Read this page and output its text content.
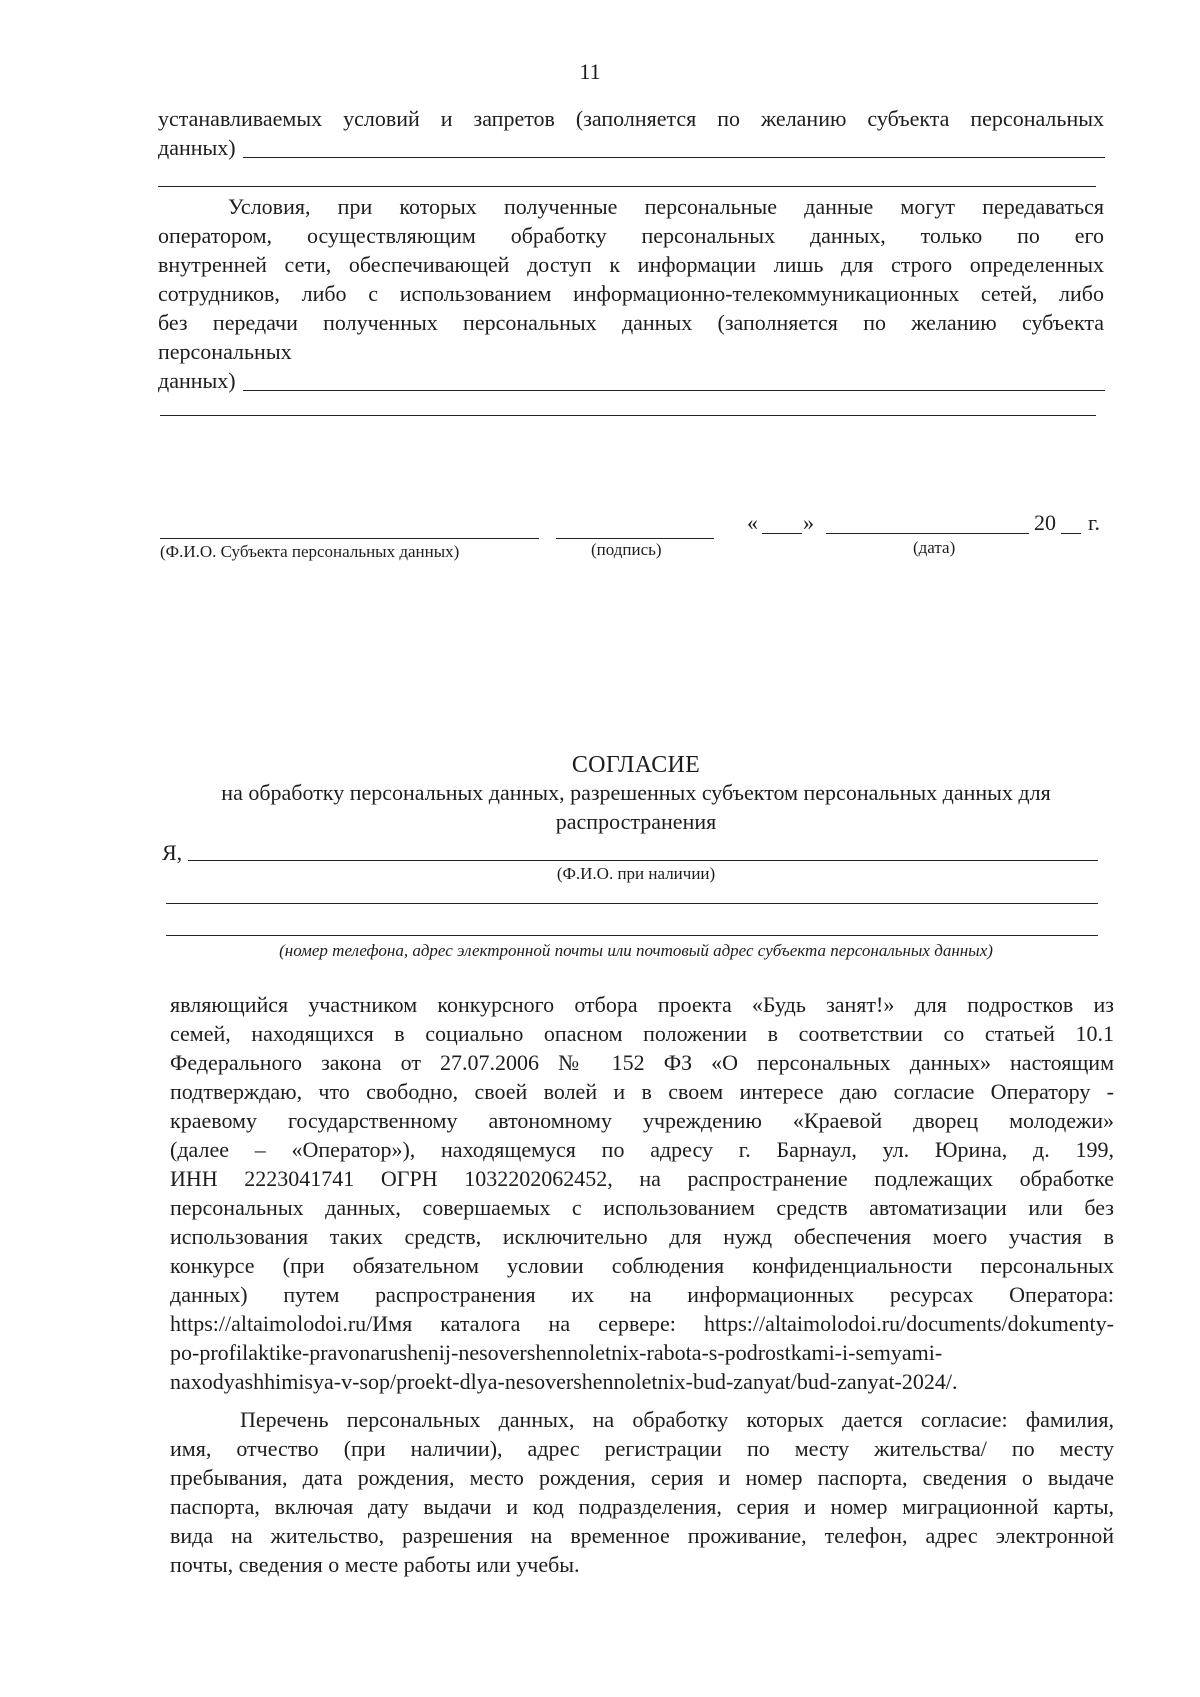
11
устанавливаемых условий и запретов (заполняется по желанию субъекта персональных
данных)
Условия, при которых полученные персональные данные могут передаваться
оператором, осуществляющим обработку персональных данных, только по его
внутренней сети, обеспечивающей доступ к информации лишь для строго определенных
сотрудников, либо с использованием информационно-телекоммуникационных сетей, либо
без передачи полученных персональных данных (заполняется по желанию субъекта
персональных
данных)
« »	20 г.
(Ф.И.О. Субъекта персональных данных)	(подпись)	(дата)
СОГЛАСИЕ
на обработку персональных данных, разрешенных субъектом персональных данных для
распространения
Я,
(Ф.И.О. при наличии)
(номер телефона, адрес электронной почты или почтовый адрес субъекта персональных данных)
являющийся участником конкурсного отбора проекта «Будь занят!» для подростков из
семей, находящихся в социально опасном положении в соответствии со статьей 10.1
Федерального закона от 27.07.2006 № 152 ФЗ «О персональных данных» настоящим
подтверждаю, что свободно, своей волей и в своем интересе даю согласие Оператору -
краевому государственному автономному учреждению «Краевой дворец молодежи»
(далее – «Оператор»), находящемуся по адресу г. Барнаул, ул. Юрина, д. 199,
ИНН 2223041741 ОГРН 1032202062452, на распространение подлежащих обработке
персональных данных, совершаемых с использованием средств автоматизации или без
использования таких средств, исключительно для нужд обеспечения моего участия в
конкурсе (при обязательном условии соблюдения конфиденциальности персональных
данных) путем распространения их на информационных ресурсах Оператора:
https://altaimolodoi.ru/Имя каталога на сервере: https://altaimolodoi.ru/documents/dokumenty-
po-profilaktike-pravonarushenij-nesovershennoletnix-rabota-s-podrostkami-i-semyami-
naxodyashhimisya-v-sop/proekt-dlya-nesovershennoletnix-bud-zanyat/bud-zanyat-2024/.
Перечень персональных данных, на обработку которых дается согласие: фамилия,
имя, отчество (при наличии), адрес регистрации по месту жительства/ по месту
пребывания, дата рождения, место рождения, серия и номер паспорта, сведения о выдаче
паспорта, включая дату выдачи и код подразделения, серия и номер миграционной карты,
вида на жительство, разрешения на временное проживание, телефон, адрес электронной
почты, сведения о месте работы или учебы.
